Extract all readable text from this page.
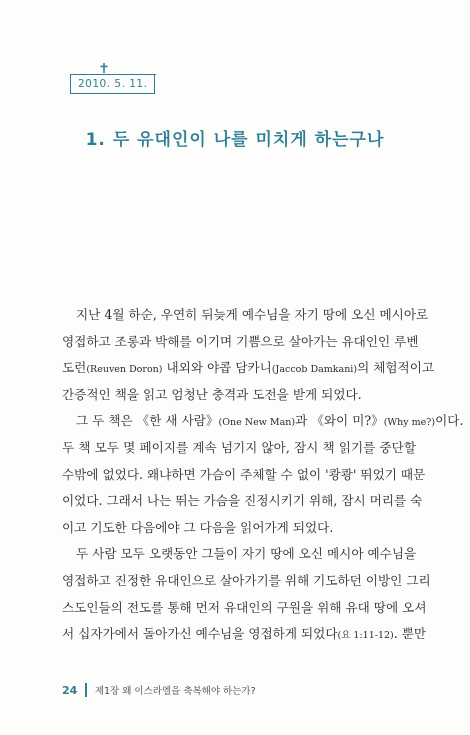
2010. 5. 11.
1. 두 유대인이 나를 미치게 하는구나
지난 4월 하순, 우연히 뒤늦게 예수님을 자기 땅에 오신 메시아로
영접하고 조롱과 박해를 이기며 기쁨으로 살아가는 유대인인 루벤
도런(Reuven Doron) 내외와 야콥 담카니(Jaccob Damkani)의 체험적이고
간증적인 책을 읽고 엄청난 충격과 도전을 받게 되었다.
그 두 책은 《한 새 사람》(One New Man)과 《와이 미?》(Why me?)이다.
두 책 모두 몇 페이지를 계속 넘기지 않아, 잠시 책 읽기를 중단할
수밖에 없었다. 왜냐하면 가슴이 주체할 수 없이 '쾅쾅' 뛰었기 때문
이었다. 그래서 나는 뛰는 가슴을 진정시키기 위해, 잠시 머리를 숙
이고 기도한 다음에야 그 다음을 읽어가게 되었다.
두 사람 모두 오랫동안 그들이 자기 땅에 오신 메시아 예수님을
영접하고 진정한 유대인으로 살아가기를 위해 기도하던 이방인 그리
스도인들의 전도를 통해 먼저 유대인의 구원을 위해 유대 땅에 오셔
서 십자가에서 돌아가신 예수님을 영접하게 되었다(요 1:11-12). 뿐만
24 제1장 왜 이스라엘을 축복해야 하는가?
